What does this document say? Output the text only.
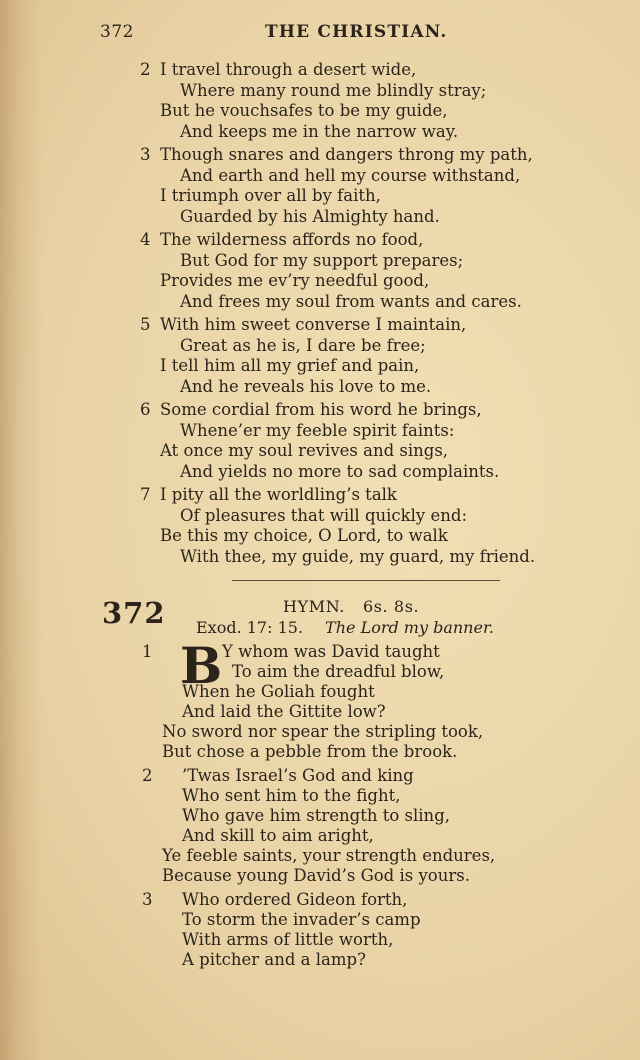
372	THE CHRISTIAN.
2 I travel through a desert wide,
Where many round me blindly stray;
But he vouchsafes to be my guide,
And keeps me in the narrow way.
3 Though snares and dangers throng my path,
And earth and hell my course withstand,
I triumph over all by faith,
Guarded by his Almighty hand.
4 The wilderness affords no food,
But God for my support prepares;
Provides me ev’ry needful good,
And frees my soul from wants and cares.
5 With him sweet converse I maintain,
Great as he is, I dare be free;
I tell him all my grief and pain,
And he reveals his love to me.
6 Some cordial from his word he brings,
Whene’er my feeble spirit faints:
At once my soul revives and sings,
And yields no more to sad complaints.
7 I pity all the worldling’s talk
Of pleasures that will quickly end:
Be this my choice, O Lord, to walk
With thee, my guide, my guard, my friend.
372	HYMN. 6s. 8s.
Exod. 17: 15. The Lord my banner.
1 B Y whom was David taught
To aim the dreadful blow,
When he Goliah fought
And laid the Gittite low?
No sword nor spear the stripling took,
But chose a pebble from the brook.
2	’Twas Israel’s God and king
Who sent him to the fight,
Who gave him strength to sling,
And skill to aim aright,
Ye feeble saints, your strength endures,
Because young David’s God is yours.
3	Who ordered Gideon forth,
To storm the invader’s camp
With arms of little worth,
A pitcher and a lamp?
